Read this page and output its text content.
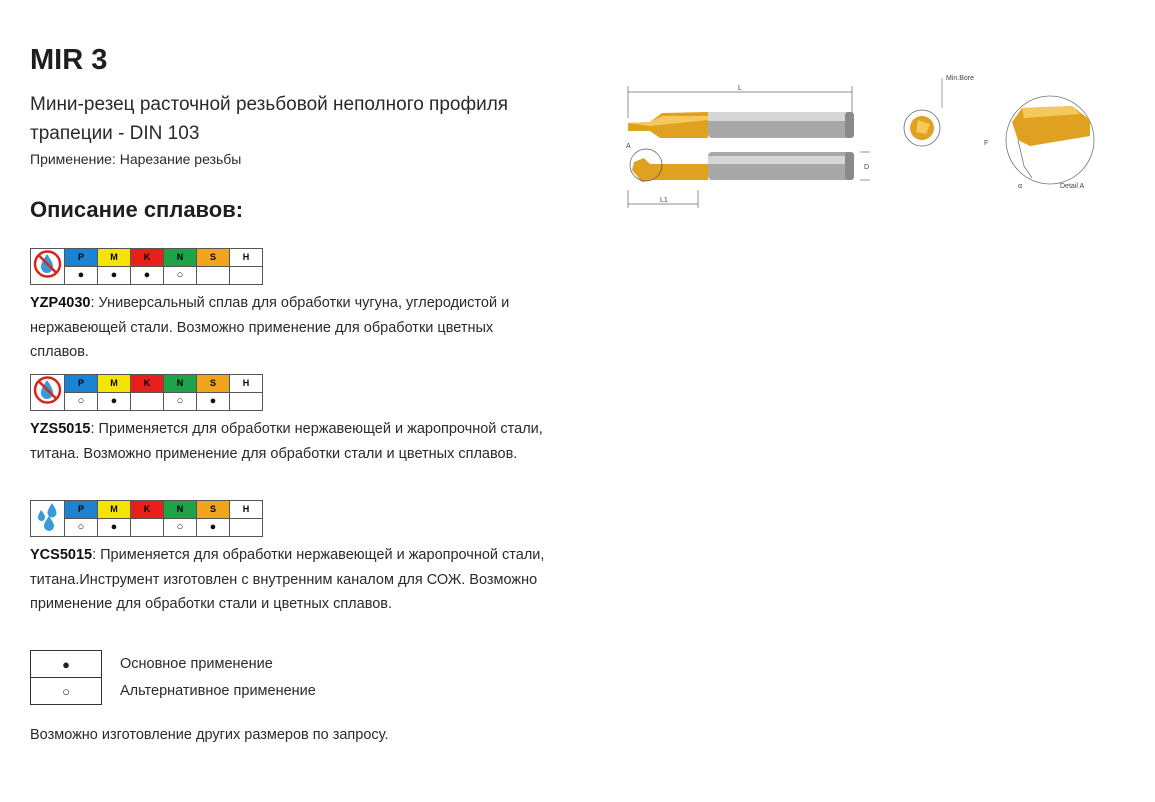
MIR 3
Мини-резец расточной резьбовой неполного профиля трапеции - DIN 103
Применение: Нарезание резьбы
Описание сплавов:
	P	M	K	N	S	H
	●	●	●	○		
YZP4030: Универсальный сплав для обработки чугуна, углеродистой и нержавеющей стали. Возможно применение для обработки цветных сплавов.
	P	M	K	N	S	H
	○	●		○	●	
YZS5015: Применяется для обработки нержавеющей и жаропрочной стали, титана. Возможно применение для обработки стали и цветных сплавов.
	P	M	K	N	S	H
	○	●		○	●	
YCS5015: Применяется для обработки нержавеющей и жаропрочной стали, титана.Инструмент изготовлен с внутренним каналом для СОЖ. Возможно применение для обработки стали и цветных сплавов.
●	Основное применение
○	Альтернативное применение
Возможно изготовление других размеров по запросу.
L
A
D
L1
Min.Bore
F
α	Detail A
